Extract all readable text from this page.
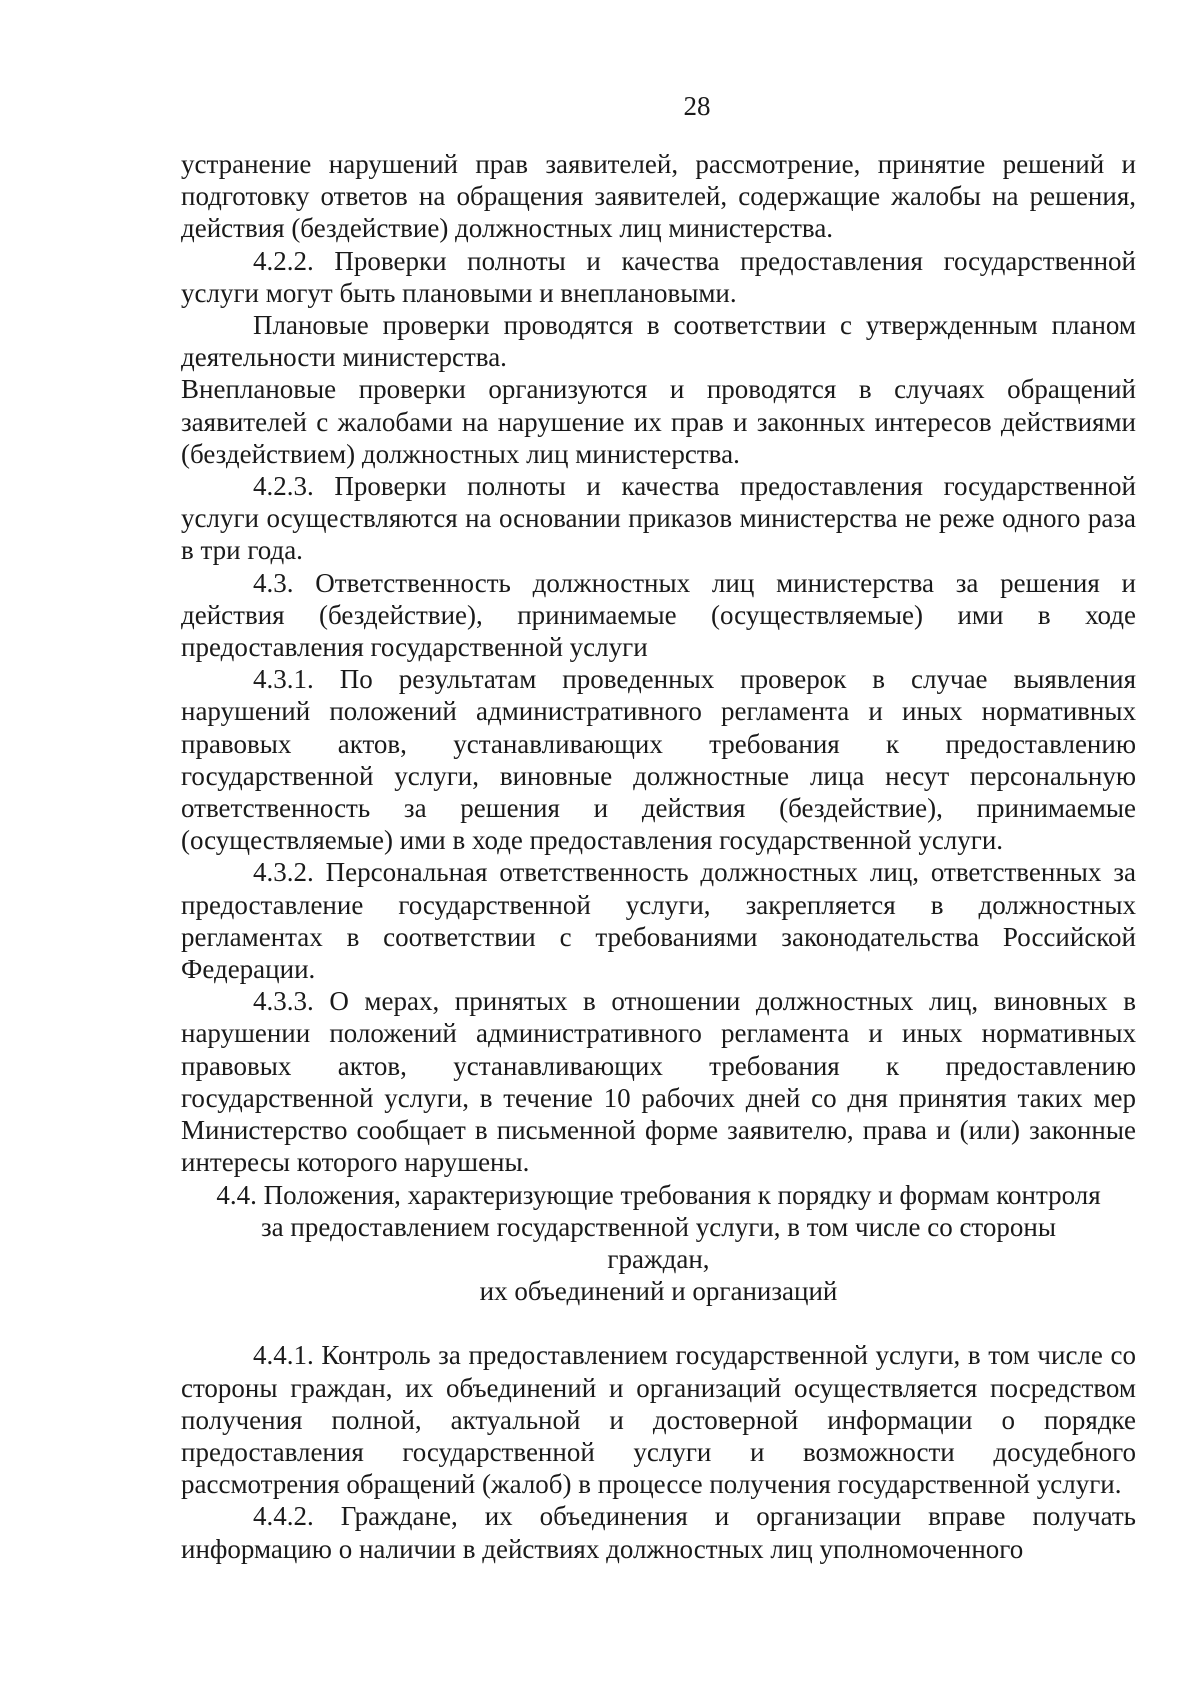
28

устранение нарушений прав заявителей, рассмотрение, принятие решений и подготовку ответов на обращения заявителей, содержащие жалобы на решения, действия (бездействие) должностных лиц министерства.

4.2.2. Проверки полноты и качества предоставления государственной услуги могут быть плановыми и внеплановыми.

Плановые проверки проводятся в соответствии с утвержденным планом деятельности министерства.

Внеплановые проверки организуются и проводятся в случаях обращений заявителей с жалобами на нарушение их прав и законных интересов действиями (бездействием) должностных лиц министерства.

4.2.3. Проверки полноты и качества предоставления государственной услуги осуществляются на основании приказов министерства не реже одного раза в три года.

4.3. Ответственность должностных лиц министерства за решения и действия (бездействие), принимаемые (осуществляемые) ими в ходе предоставления государственной услуги

4.3.1. По результатам проведенных проверок в случае выявления нарушений положений административного регламента и иных нормативных правовых актов, устанавливающих требования к предоставлению государственной услуги, виновные должностные лица несут персональную ответственность за решения и действия (бездействие), принимаемые (осуществляемые) ими в ходе предоставления государственной услуги.

4.3.2. Персональная ответственность должностных лиц, ответственных за предоставление государственной услуги, закрепляется в должностных регламентах в соответствии с требованиями законодательства Российской Федерации.

4.3.3. О мерах, принятых в отношении должностных лиц, виновных в нарушении положений административного регламента и иных нормативных правовых актов, устанавливающих требования к предоставлению государственной услуги, в течение 10 рабочих дней со дня принятия таких мер Министерство сообщает в письменной форме заявителю, права и (или) законные интересы которого нарушены.

4.4. Положения, характеризующие требования к порядку и формам контроля
за предоставлением государственной услуги, в том числе со стороны
граждан,
их объединений и организаций

4.4.1. Контроль за предоставлением государственной услуги, в том числе со стороны граждан, их объединений и организаций осуществляется посредством получения полной, актуальной и достоверной информации о порядке предоставления государственной услуги и возможности досудебного рассмотрения обращений (жалоб) в процессе получения государственной услуги.

4.4.2. Граждане, их объединения и организации вправе получать информацию о наличии в действиях должностных лиц уполномоченного
